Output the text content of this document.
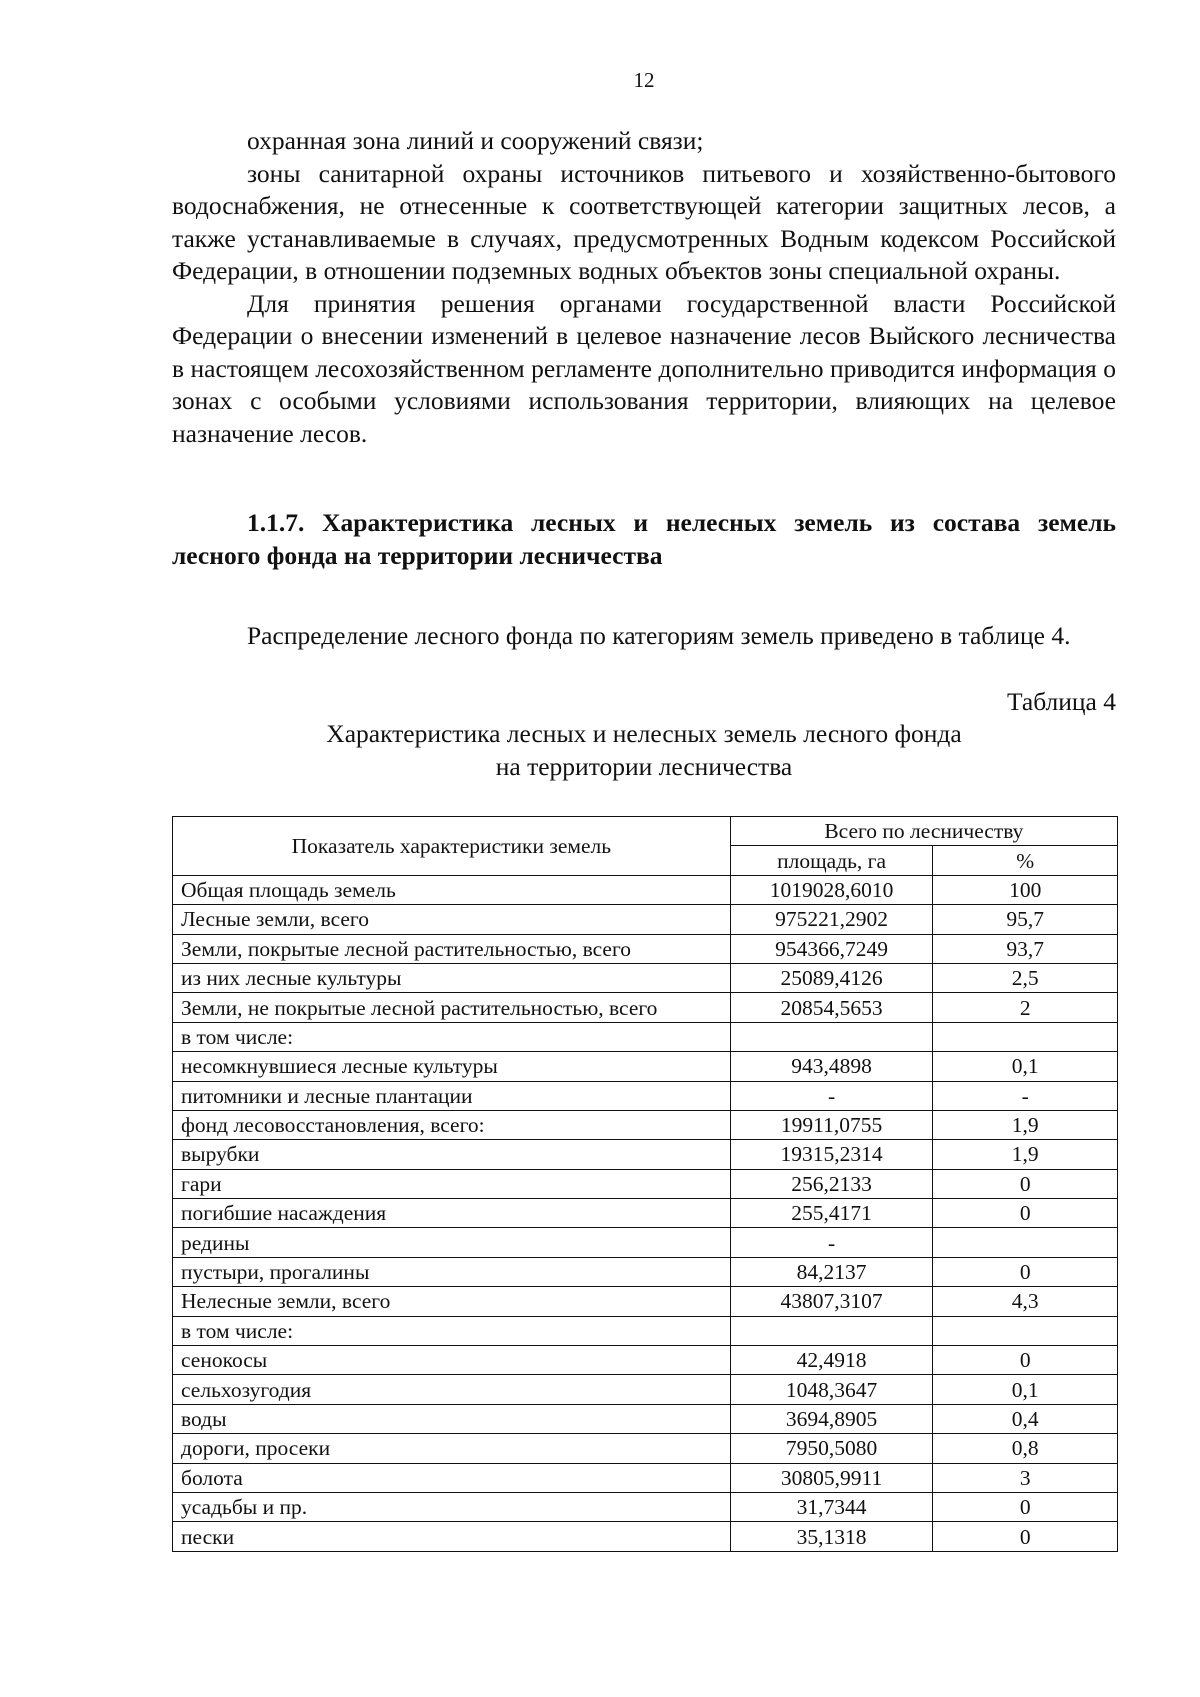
12

охранная зона линий и сооружений связи;

зоны санитарной охраны источников питьевого и хозяйственно-бытового водоснабжения, не отнесенные к соответствующей категории защитных лесов, а также устанавливаемые в случаях, предусмотренных Водным кодексом Российской Федерации, в отношении подземных водных объектов зоны специальной охраны.

Для принятия решения органами государственной власти Российской Федерации о внесении изменений в целевое назначение лесов Выйского лесничества в настоящем лесохозяйственном регламенте дополнительно приводится информация о зонах с особыми условиями использования территории, влияющих на целевое назначение лесов.

1.1.7. Характеристика лесных и нелесных земель из состава земель лесного фонда на территории лесничества

Распределение лесного фонда по категориям земель приведено в таблице 4.

Таблица 4
Характеристика лесных и нелесных земель лесного фонда
на территории лесничества
Показатель характеристики земель	Всего по лесничеству	
	площадь, га	%
Общая площадь земель	1019028,6010	100
Лесные земли, всего	975221,2902	95,7
Земли, покрытые лесной растительностью, всего	954366,7249	93,7
из них лесные культуры	25089,4126	2,5
Земли, не покрытые лесной растительностью, всего	20854,5653	2
в том числе:		
несомкнувшиеся лесные культуры	943,4898	0,1
питомники и лесные плантации	-	-
фонд лесовосстановления, всего:	19911,0755	1,9
вырубки	19315,2314	1,9
гари	256,2133	0
погибшие насаждения	255,4171	0
редины	-	
пустыри, прогалины	84,2137	0
Нелесные земли, всего	43807,3107	4,3
в том числе:		
сенокосы	42,4918	0
сельхозугодия	1048,3647	0,1
воды	3694,8905	0,4
дороги, просеки	7950,5080	0,8
болота	30805,9911	3
усадьбы и пр.	31,7344	0
пески	35,1318	0
